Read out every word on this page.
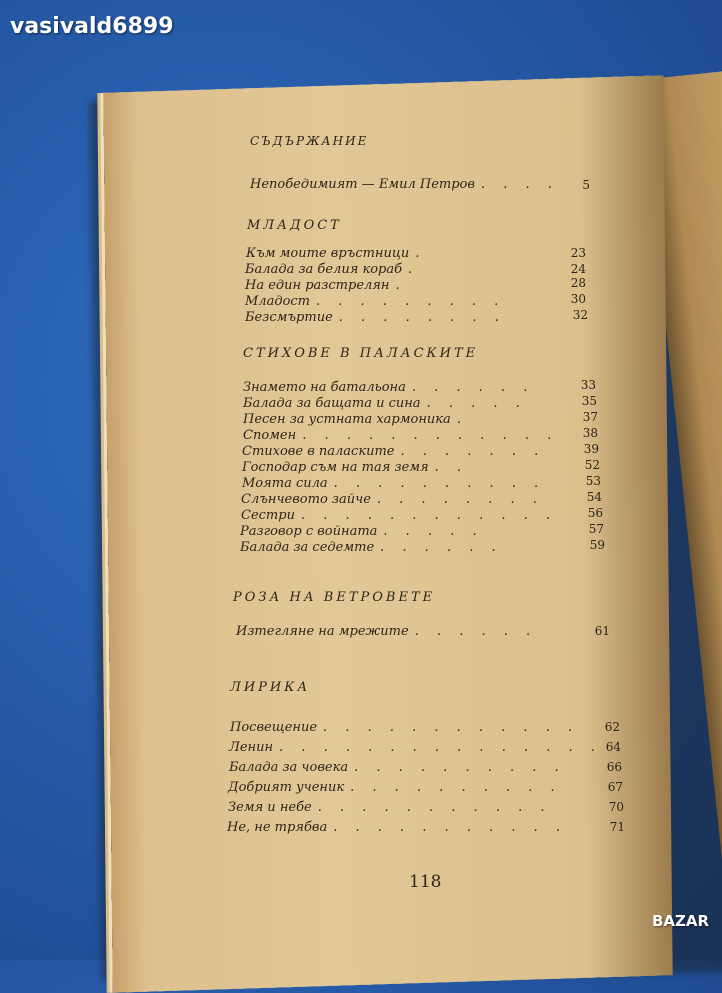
vasivald6899
СЪДЪРЖАНИЕ
Непобедимият — Емил Петров . . . .	5
МЛАДОСТ
Към моите връстници .	23
Балада за белия кораб .	24
На един разстрелян .	28
Младост . . . . . . . . .	30
Безсмъртие . . . . . . . .	32
СТИХОВЕ В ПАЛАСКИТЕ
Знамето на батальона . . . . . .	33
Балада за бащата и сина . . . . .	35
Песен за устната хармоника .	37
Спомен . . . . . . . . . . . .	38
Стихове в паласките . . . . . . .	39
Господар съм на тая земя . .	52
Моята сила . . . . . . . . . .	53
Слънчевото зайче . . . . . . . .	54
Сестри . . . . . . . . . . . .	56
Разговор с войната . . . . .	57
Балада за седемте . . . . . .	59
РОЗА НА ВЕТРОВЕТЕ
Изтегляне на мрежите . . . . . .	61
ЛИРИКА
Посвещение . . . . . . . . . . . .	62
Ленин . . . . . . . . . . . . . . . 64
Балада за човека . . . . . . . . . .	66
Добрият ученик . . . . . . . . . .	67
Земя и небе . . . . . . . . . . .	70
Не, не трябва . . . . . . . . . . .	71
118
BAZAR
